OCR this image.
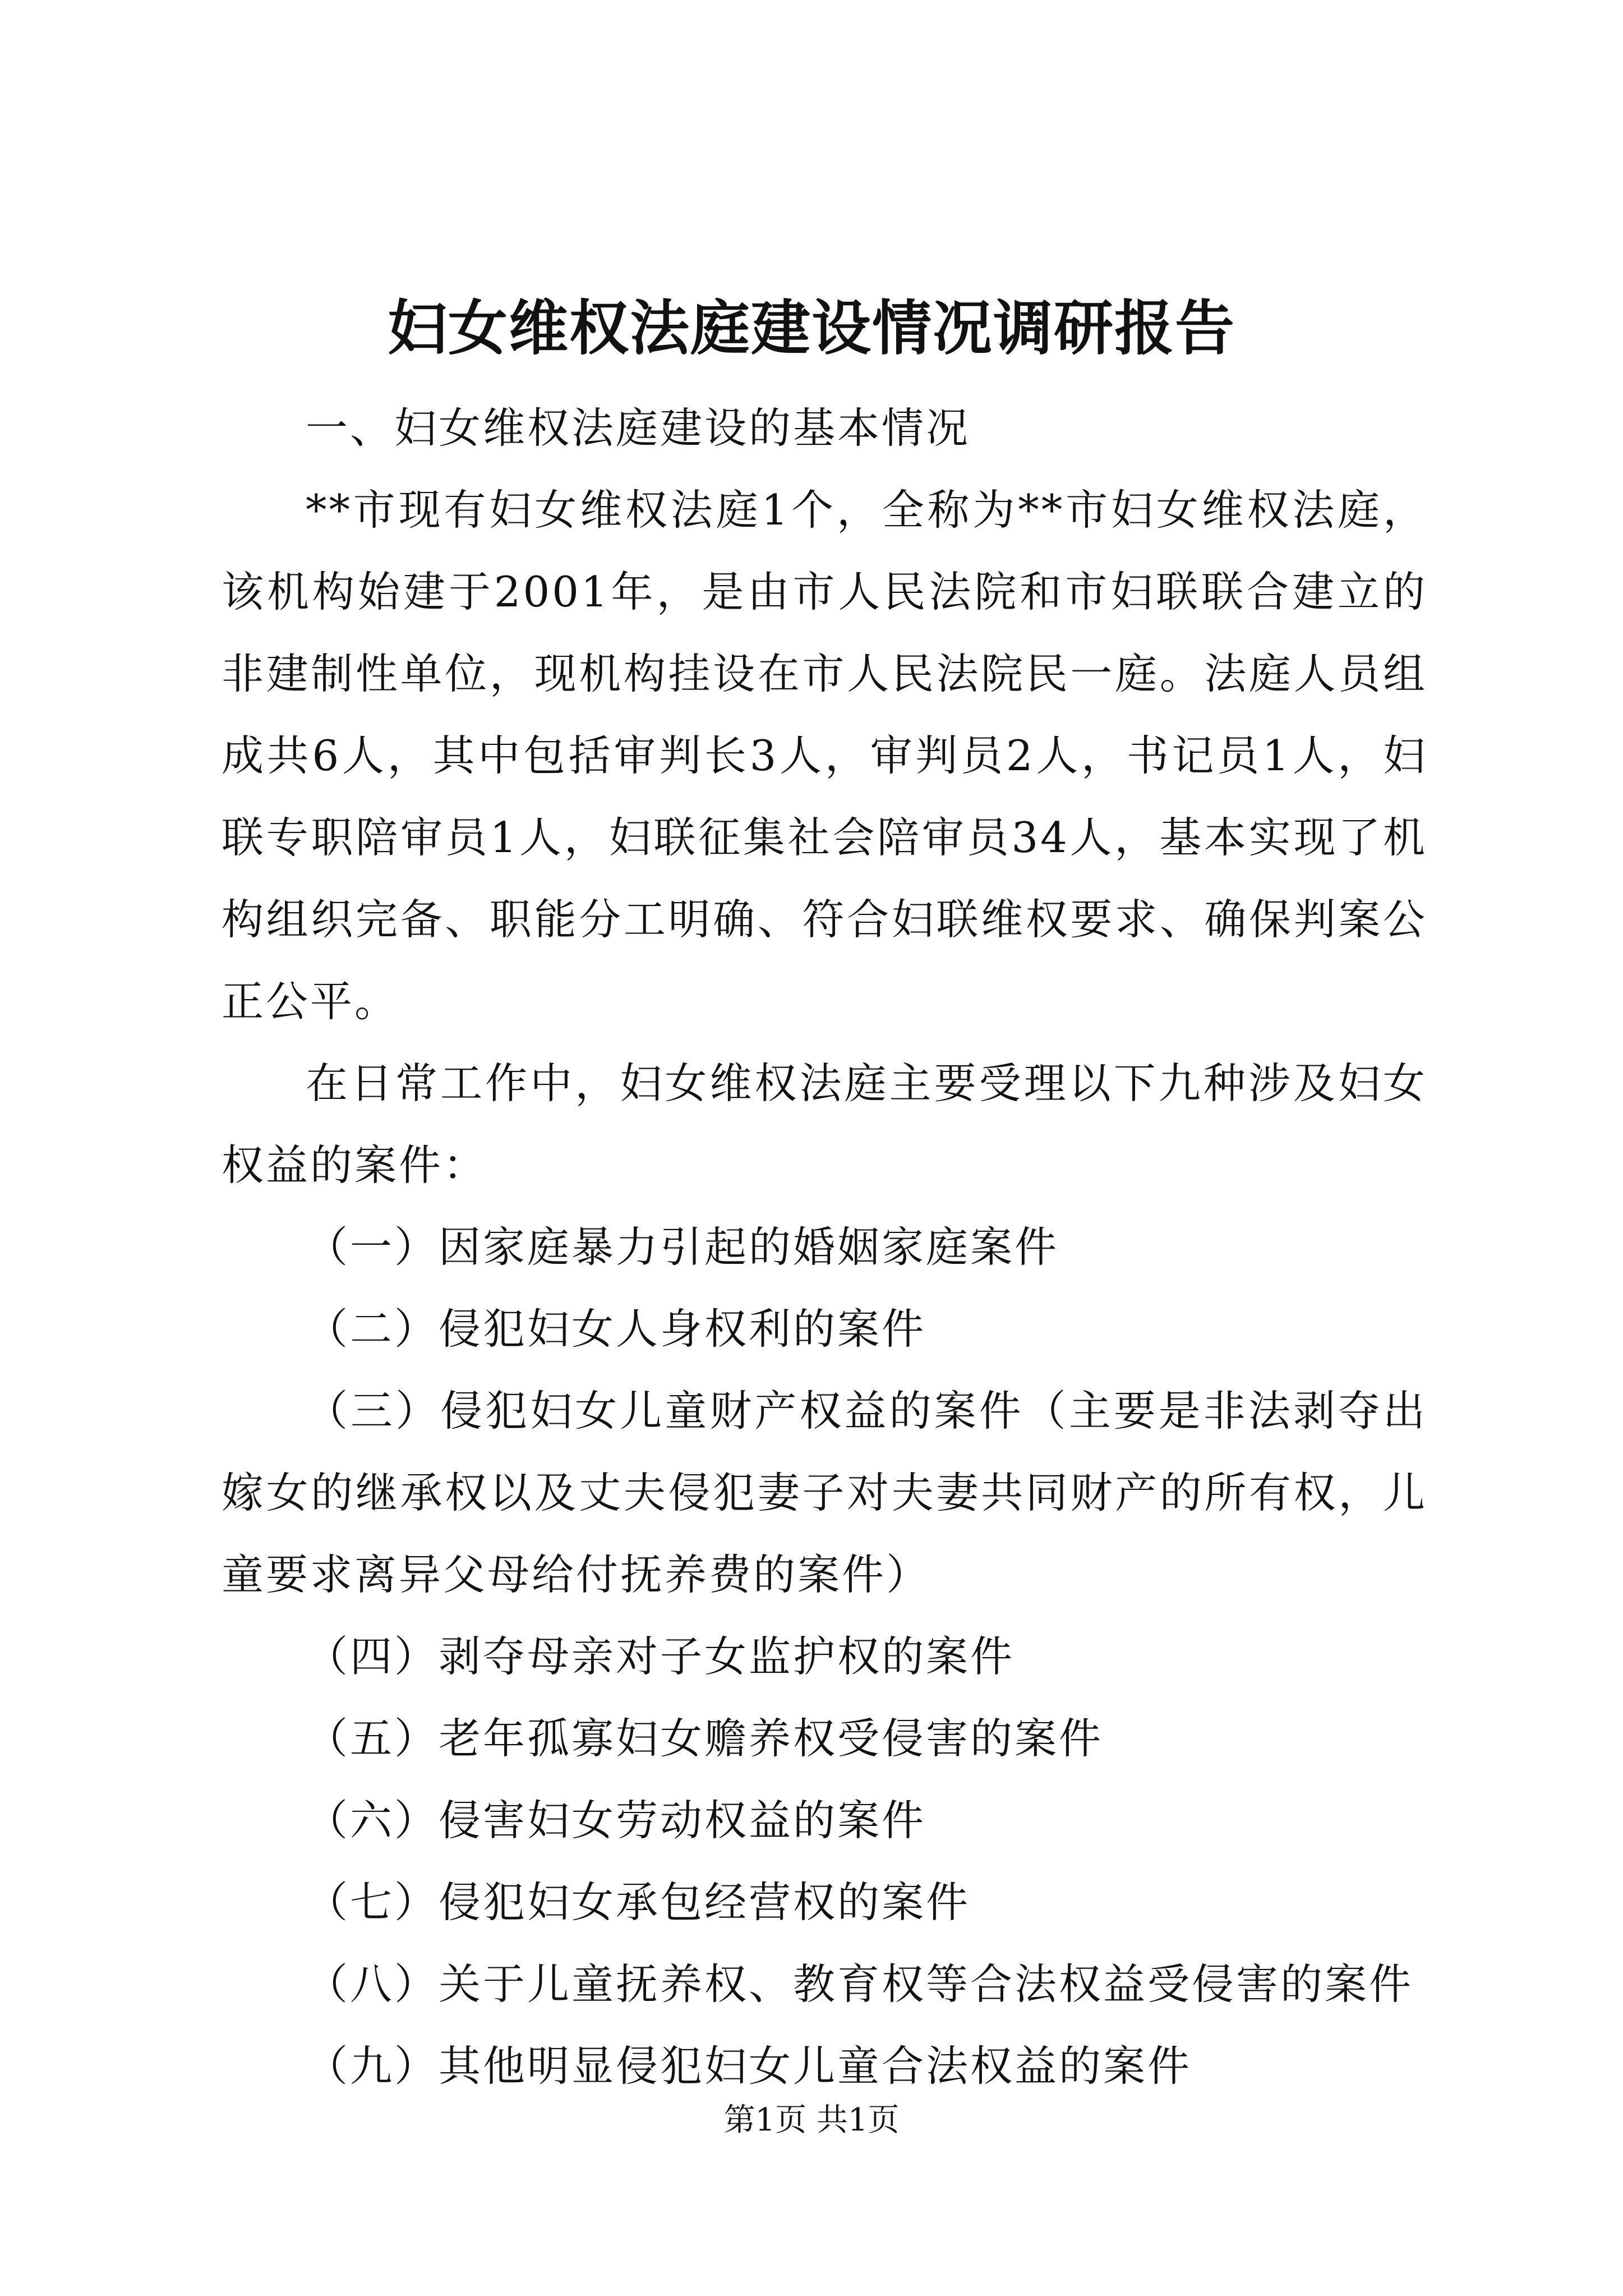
妇女维权法庭建设情况调研报告

一、妇女维权法庭建设的基本情况

**市现有妇女维权法庭1个，全称为**市妇女维权法庭，该机构始建于2001年，是由市人民法院和市妇联联合建立的非建制性单位，现机构挂设在市人民法院民一庭。法庭人员组成共6人，其中包括审判长3人，审判员2人，书记员1人，妇联专职陪审员1人，妇联征集社会陪审员34人，基本实现了机构组织完备、职能分工明确、符合妇联维权要求、确保判案公正公平。

在日常工作中，妇女维权法庭主要受理以下九种涉及妇女权益的案件：

（一）因家庭暴力引起的婚姻家庭案件

（二）侵犯妇女人身权利的案件

（三）侵犯妇女儿童财产权益的案件（主要是非法剥夺出嫁女的继承权以及丈夫侵犯妻子对夫妻共同财产的所有权，儿童要求离异父母给付抚养费的案件）

（四）剥夺母亲对子女监护权的案件

（五）老年孤寡妇女赡养权受侵害的案件

（六）侵害妇女劳动权益的案件

（七）侵犯妇女承包经营权的案件

（八）关于儿童抚养权、教育权等合法权益受侵害的案件

（九）其他明显侵犯妇女儿童合法权益的案件

第1页 共1页
